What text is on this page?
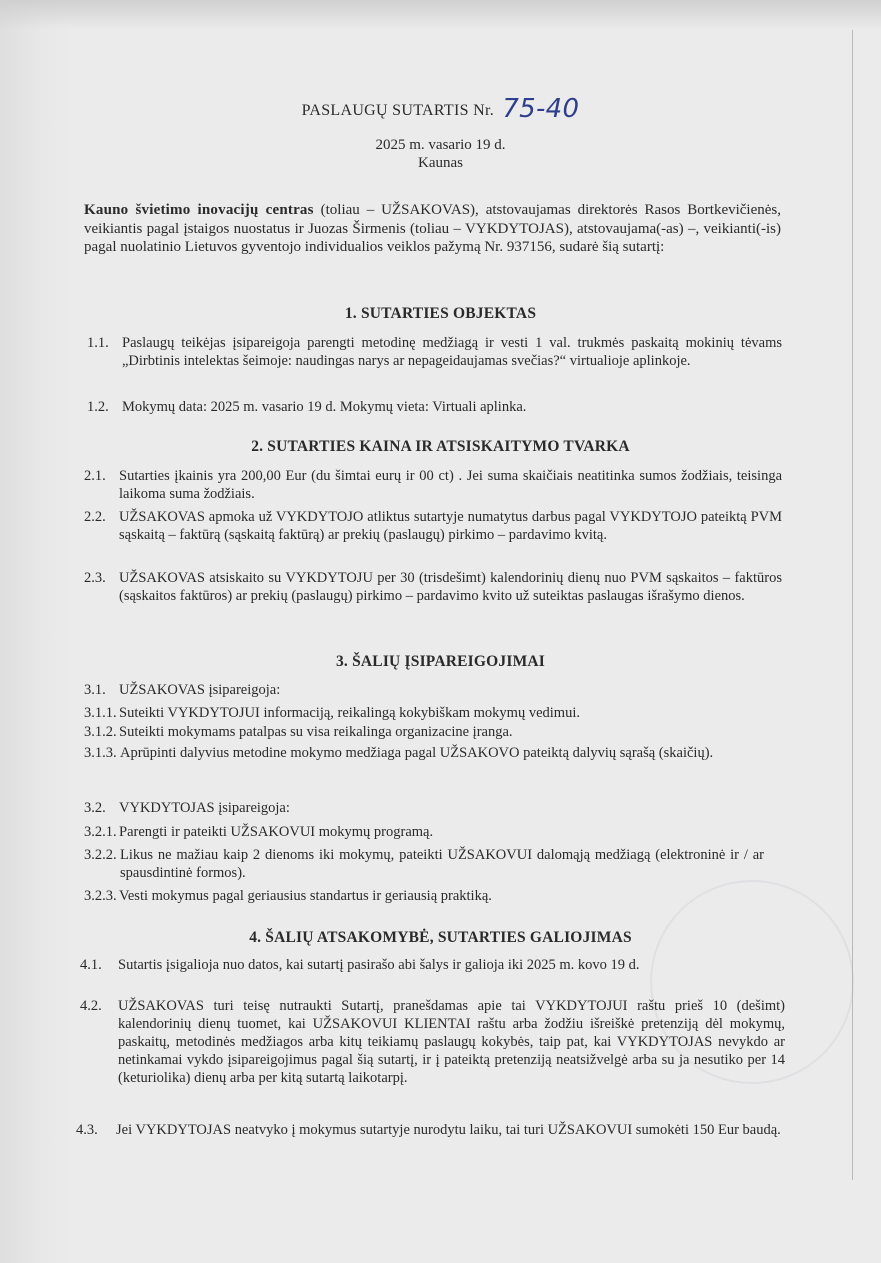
PASLAUGŲ SUTARTIS Nr. 75-40
2025 m. vasario 19 d.
Kaunas
Kauno švietimo inovacijų centras (toliau – UŽSAKOVAS), atstovaujamas direktorės Rasos Bortkevičienės, veikiantis pagal įstaigos nuostatus ir Juozas Širmenis (toliau – VYKDYTOJAS), atstovaujama(-as) –, veikianti(-is) pagal nuolatinio Lietuvos gyventojo individualios veiklos pažymą Nr. 937156, sudarė šią sutartį:
1. SUTARTIES OBJEKTAS
1.1. Paslaugų teikėjas įsipareigoja parengti metodinę medžiagą ir vesti 1 val. trukmės paskaitą mokinių tėvams „Dirbtinis intelektas šeimoje: naudingas narys ar nepageidaujamas svečias?“ virtualioje aplinkoje.
1.2. Mokymų data: 2025 m. vasario 19 d. Mokymų vieta: Virtuali aplinka.
2. SUTARTIES KAINA IR ATSISKAITYMO TVARKA
2.1. Sutarties įkainis yra 200,00 Eur (du šimtai eurų ir 00 ct) . Jei suma skaičiais neatitinka sumos žodžiais, teisinga laikoma suma žodžiais.
2.2. UŽSAKOVAS apmoka už VYKDYTOJO atliktus sutartyje numatytus darbus pagal VYKDYTOJO pateiktą PVM sąskaitą – faktūrą (sąskaitą faktūrą) ar prekių (paslaugų) pirkimo – pardavimo kvitą.
2.3. UŽSAKOVAS atsiskaito su VYKDYTOJU per 30 (trisdešimt) kalendorinių dienų nuo PVM sąskaitos – faktūros (sąskaitos faktūros) ar prekių (paslaugų) pirkimo – pardavimo kvito už suteiktas paslaugas išrašymo dienos.
3. ŠALIŲ ĮSIPAREIGOJIMAI
3.1. UŽSAKOVAS įsipareigoja:
3.1.1. Suteikti VYKDYTOJUI informaciją, reikalingą kokybiškam mokymų vedimui.
3.1.2. Suteikti mokymams patalpas su visa reikalinga organizacine įranga.
3.1.3. Aprūpinti dalyvius metodine mokymo medžiaga pagal UŽSAKOVO pateiktą dalyvių sąrašą (skaičių).
3.2. VYKDYTOJAS įsipareigoja:
3.2.1. Parengti ir pateikti UŽSAKOVUI mokymų programą.
3.2.2. Likus ne mažiau kaip 2 dienoms iki mokymų, pateikti UŽSAKOVUI dalomąją medžiagą (elektroninė ir / ar spausdintinė formos).
3.2.3. Vesti mokymus pagal geriausius standartus ir geriausią praktiką.
4. ŠALIŲ ATSAKOMYBĖ, SUTARTIES GALIOJIMAS
4.1.	Sutartis įsigalioja nuo datos, kai sutartį pasirašo abi šalys ir galioja iki 2025 m. kovo 19 d.
4.2.	UŽSAKOVAS turi teisę nutraukti Sutartį, pranešdamas apie tai VYKDYTOJUI raštu prieš 10 (dešimt) kalendorinių dienų tuomet, kai UŽSAKOVUI KLIENTAI raštu arba žodžiu išreiškė pretenziją dėl mokymų, paskaitų, metodinės medžiagos arba kitų teikiamų paslaugų kokybės, taip pat, kai VYKDYTOJAS nevykdo ar netinkamai vykdo įsipareigojimus pagal šią sutartį, ir į pateiktą pretenziją neatsižvelgė arba su ja nesutiko per 14 (keturiolika) dienų arba per kitą sutartą laikotarpį.
4.3.	Jei VYKDYTOJAS neatvyko į mokymus sutartyje nurodytu laiku, tai turi UŽSAKOVUI sumokėti 150 Eur baudą.
